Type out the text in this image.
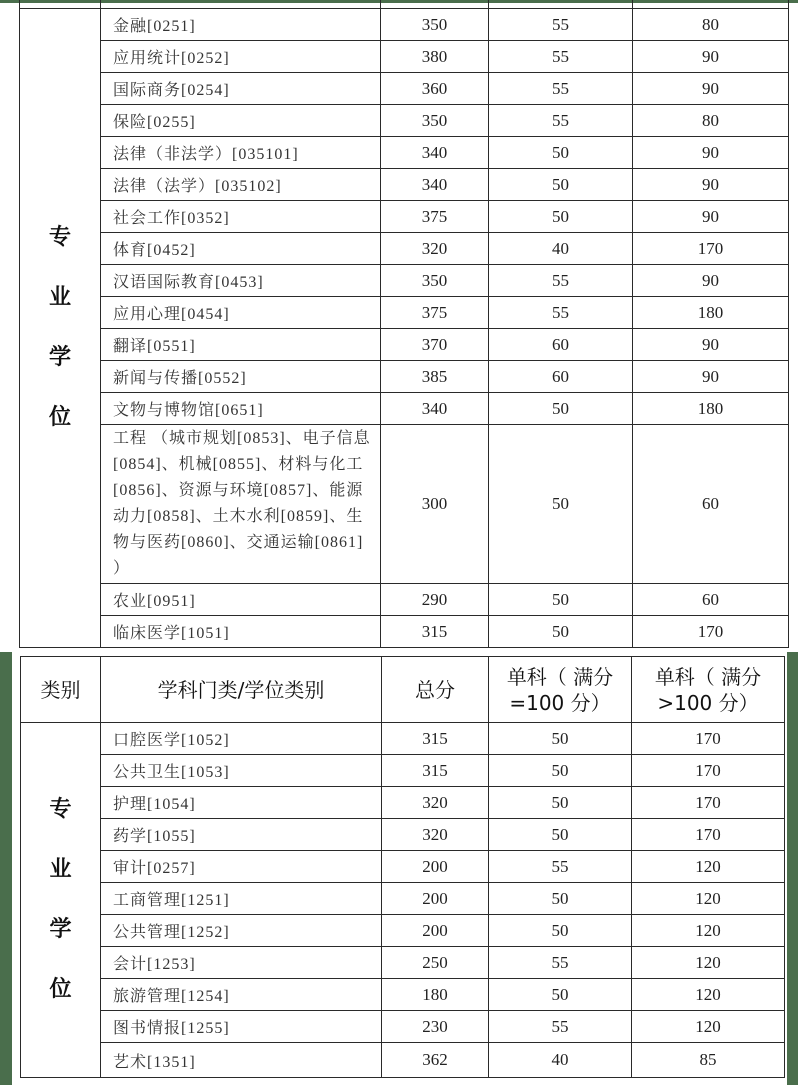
专
业
学
位	金融[0251]	350	55	80
	应用统计[0252]	380	55	90
	国际商务[0254]	360	55	90
	保险[0255]	350	55	80
	法律（非法学）[035101]	340	50	90
	法律（法学）[035102]	340	50	90
	社会工作[0352]	375	50	90
	体育[0452]	320	40	170
	汉语国际教育[0453]	350	55	90
	应用心理[0454]	375	55	180
	翻译[0551]	370	60	90
	新闻与传播[0552]	385	60	90
	文物与博物馆[0651]	340	50	180
	工程 （城市规划[0853]、电子信息[0854]、机械[0855]、材料与化工[0856]、资源与环境[0857]、能源动力[0858]、土木水利[0859]、生物与医药[0860]、交通运输[0861] ）	300	50	60
	农业[0951]	290	50	60
	临床医学[1051]	315	50	170
类别	学科门类/学位类别	总分	单科（ 满分=100 分）	单科（ 满分>100 分）

专
业
学
位	口腔医学[1052]	315	50	170
	公共卫生[1053]	315	50	170
	护理[1054]	320	50	170
	药学[1055]	320	50	170
	审计[0257]	200	55	120
	工商管理[1251]	200	50	120
	公共管理[1252]	200	50	120
	会计[1253]	250	55	120
	旅游管理[1254]	180	50	120
	图书情报[1255]	230	55	120
	艺术[1351]	362	40	85
